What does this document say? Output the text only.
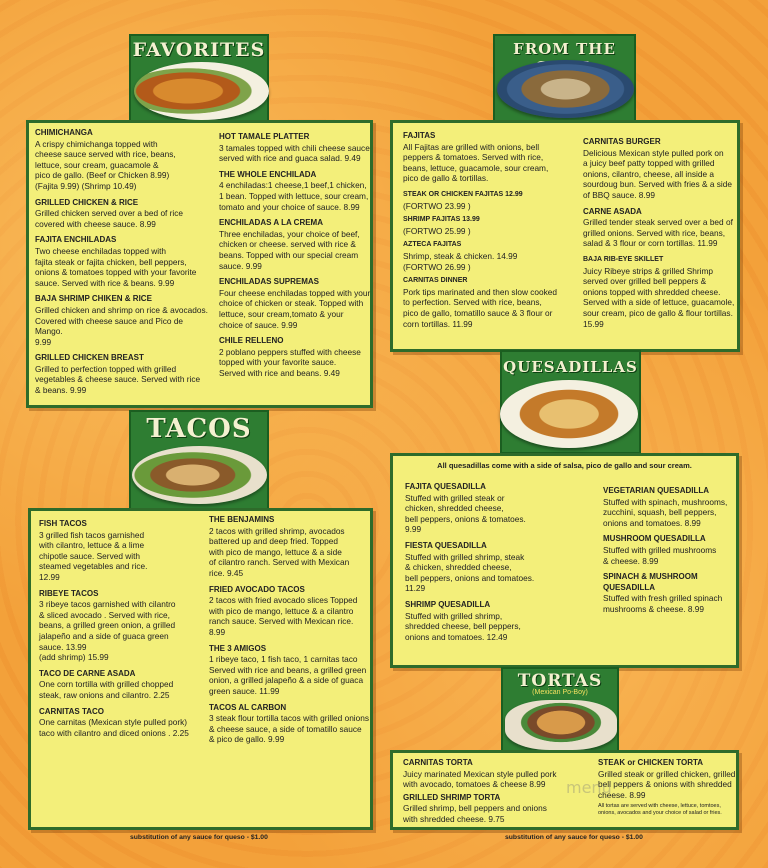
FAVORITES
CHIMICHANGA
A crispy chimichanga topped with
cheese sauce served with rice, beans,
lettuce, sour cream, guacamole &
pico de gallo. (Beef or Chicken 8.99)
(Fajita 9.99) (Shrimp 10.49)
GRILLED CHICKEN & RICE
Grilled chicken served over a bed of rice
covered with cheese sauce. 8.99
FAJITA ENCHILADAS
Two cheese enchiladas topped with
fajita steak or fajita chicken, bell peppers,
onions & tomatoes topped with your favorite
sauce. Served with rice & beans. 9.99
BAJA SHRIMP CHIKEN & RICE
Grilled chicken and shrimp on rice & avocados.
Covered with cheese sauce and Pico de Mango.
9.99
GRILLED CHICKEN BREAST
Grilled to perfection topped with grilled
vegetables & cheese sauce. Served with rice
& beans. 9.99
HOT TAMALE PLATTER
3 tamales topped with chili cheese sauce
served with rice and guaca salad. 9.49
THE WHOLE ENCHILADA
4 enchiladas:1 cheese,1 beef,1 chicken,
1 bean. Topped with lettuce, sour cream,
tomato and your choice of sauce. 8.99
ENCHILADAS A LA CREMA
Three enchiladas, your choice of beef,
chicken or cheese. served with rice &
beans. Topped with our special cream
sauce. 9.99
ENCHILADAS SUPREMAS
Four cheese enchiladas topped with your
choice of chicken or steak. Topped with
lettuce, sour cream,tomato & your
choice of sauce. 9.99
CHILE RELLENO
2 poblano peppers stuffed with cheese
topped with your favorite sauce.
Served with rice and beans. 9.49
FROM THE
FAJITAS
All Fajitas are grilled with onions, bell
peppers & tomatoes. Served with rice,
beans, lettuce, guacamole, sour cream,
pico de gallo & tortillas.
STEAK OR CHICKEN FAJITAS 12.99
(FORTWO 23.99 )
SHRIMP FAJITAS 13.99
(FORTWO 25.99 )
AZTECA FAJITAS
Shrimp, steak & chicken. 14.99
(FORTWO 26.99 )
CARNITAS DINNER
Pork tips marinated and then slow cooked
to perfection. Served with rice, beans,
pico de gallo, tomatillo sauce & 3 flour or
corn tortillas. 11.99
CARNITAS BURGER
Delicious Mexican style pulled pork on
a juicy beef patty topped with grilled
onions, cilantro, cheese, all inside a
sourdoug bun. Served with fries & a side
of BBQ sauce. 8.99
CARNE ASADA
Grilled tender steak served over a bed of
grilled onions. Served with rice, beans,
salad & 3 flour or corn tortillas. 11.99
BAJA RIB-EYE SKILLET
Juicy Ribeye strips & grilled Shrimp
served over grilled bell peppers &
onions topped with shredded cheese.
Served with a side of lettuce, guacamole,
sour cream, pico de gallo & flour tortillas.
15.99
QUESADILLAS
All quesadillas come with a side of salsa, pico de gallo and sour cream.
FAJITA QUESADILLA
Stuffed with grilled steak or
chicken, shredded cheese,
bell peppers, onions & tomatoes.
9.99
FIESTA QUESADILLA
Stuffed with grilled shrimp, steak
& chicken, shredded cheese,
bell peppers, onions and tomatoes.
11.29
SHRIMP QUESADILLA
Stuffed with grilled shrimp,
shredded cheese, bell peppers,
onions and tomatoes. 12.49
VEGETARIAN QUESADILLA
Stuffed with spinach, mushrooms,
zucchini, squash, bell peppers,
onions and tomatoes. 8.99
MUSHROOM QUESADILLA
Stuffed with grilled mushrooms
& cheese. 8.99
SPINACH & MUSHROOM
QUESADILLA
Stuffed with fresh grilled spinach
mushrooms & cheese. 8.99
TACOS
FISH TACOS
3 grilled fish tacos garnished
with cilantro, lettuce & a lime
chipotle sauce. Served with
steamed vegetables and rice.
12.99
RIBEYE TACOS
3 ribeye tacos garnished with cilantro
& sliced avocado . Served with rice,
beans, a grilled green onion, a grilled
jalapeño and a side of guaca green
sauce. 13.99
(add shrimp) 15.99
TACO DE CARNE ASADA
One corn tortilla with grilled chopped
steak, raw onions and cilantro. 2.25
CARNITAS TACO
One carnitas (Mexican style pulled pork)
taco with cilantro and diced onions . 2.25
THE BENJAMINS
2 tacos with grilled shrimp, avocados
battered up and deep fried. Topped
with pico de mango, lettuce & a side
of cilantro ranch. Served with Mexican
rice. 9.45
FRIED AVOCADO TACOS
2 tacos with fried avocado slices Topped
with pico de mango, lettuce & a cilantro
ranch sauce. Served with Mexican rice.
8.99
THE 3 AMIGOS
1 ribeye taco, 1 fish taco, 1 carnitas taco
Served with rice and beans, a grilled green
onion, a grilled jalapeño & a side of guaca
green sauce. 11.99
TACOS AL CARBON
3 steak flour tortilla tacos with grilled onions
& cheese sauce, a side of tomatillo sauce
& pico de gallo. 9.99
substitution of any sauce for queso - $1.00
TORTAS
(Mexican Po-Boy)
CARNITAS TORTA
Juicy marinated Mexican style pulled pork
with avocado, tomatoes & cheese 8.99
GRILLED SHRIMP TORTA
Grilled shrimp, bell peppers and onions
with shredded cheese. 9.75
STEAK or CHICKEN TORTA
Grilled steak or grilled chicken, grilled
bell peppers & onions with shredded
cheese. 8.99
All tortas are served with cheese, lettuce, tomtoes,
onions, avocados and your choice of salad or fries.
substitution of any sauce for queso - $1.00
menu
